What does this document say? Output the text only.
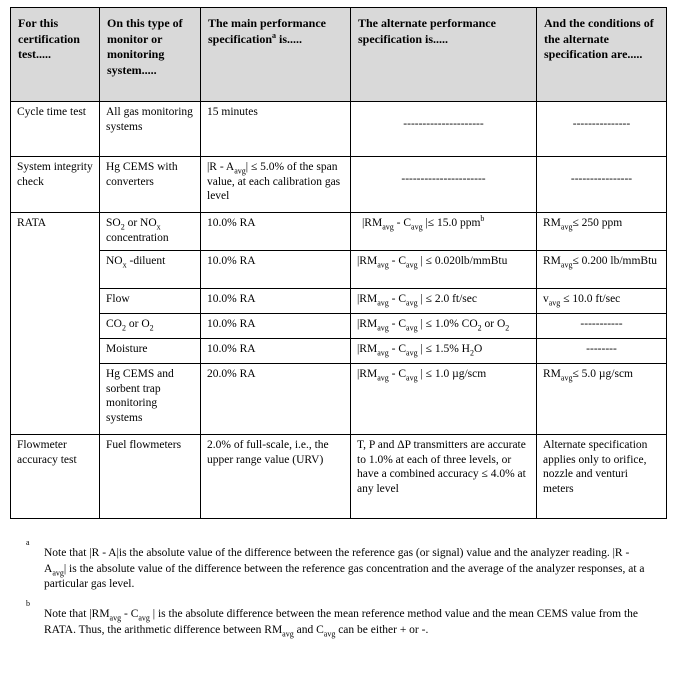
For this certification test.....	On this type of monitor or monitoring system.....	The main performance specification$^a$ is.....	The alternate performance specification is.....	And the conditions of the alternate specification are.....
Cycle time test	All gas monitoring systems	15 minutes	---------------------	---------------
System integrity check	Hg CEMS with converters	$|R - A_{avg}| \le 5.0\%$ of the span value, at each calibration gas level	----------------------	----------------
RATA	$SO_2$ or $NO_x$ concentration	10.0% RA	$|RM_{avg} - C_{avg}$ |≤ 15.0 ppm$^b$	$RM_{avg}\le 250$ ppm
	$NO_x$ -diluent	10.0% RA	$|RM_{avg} - C_{avg}$ | ≤ 0.020lb/mmBtu	$RM_{avg}\le 0.200$ lb/mmBtu
	Flow	10.0% RA	$|RM_{avg} - C_{avg}$ | ≤ 2.0 ft/sec	$v_{avg} \le 10.0$ ft/sec
	$CO_2$ or $O_2$	10.0% RA	$|RM_{avg} - C_{avg}$ | ≤ 1.0% $CO_2$ or $O_2$	-----------
	Moisture	10.0% RA	$|RM_{avg} - C_{avg}$ | ≤ 1.5% $H_2O$	--------
	Hg CEMS and sorbent trap monitoring systems	20.0% RA	$|RM_{avg} - C_{avg}$ | ≤ 1.0 µg/scm	$RM_{avg}\le 5.0$ µg/scm
Flowmeter accuracy test	Fuel flowmeters	2.0% of full-scale, i.e., the upper range value (URV)	T, P and ΔP transmitters are accurate to 1.0% at each of three levels, or have a combined accuracy ≤ 4.0% at any level	Alternate specification applies only to orifice, nozzle and venturi meters
a
Note that |R - A|is the absolute value of the difference between the reference gas (or signal) value and the analyzer reading. $|R - A_{avg}|$ is the absolute value of the difference between the reference gas concentration and the average of the analyzer responses, at a particular gas level.
b
Note that $|RM_{avg} - C_{avg}$ | is the absolute difference between the mean reference method value and the mean CEMS value from the RATA. Thus, the arithmetic difference between $RM_{avg}$ and $C_{avg}$ can be either + or -.
